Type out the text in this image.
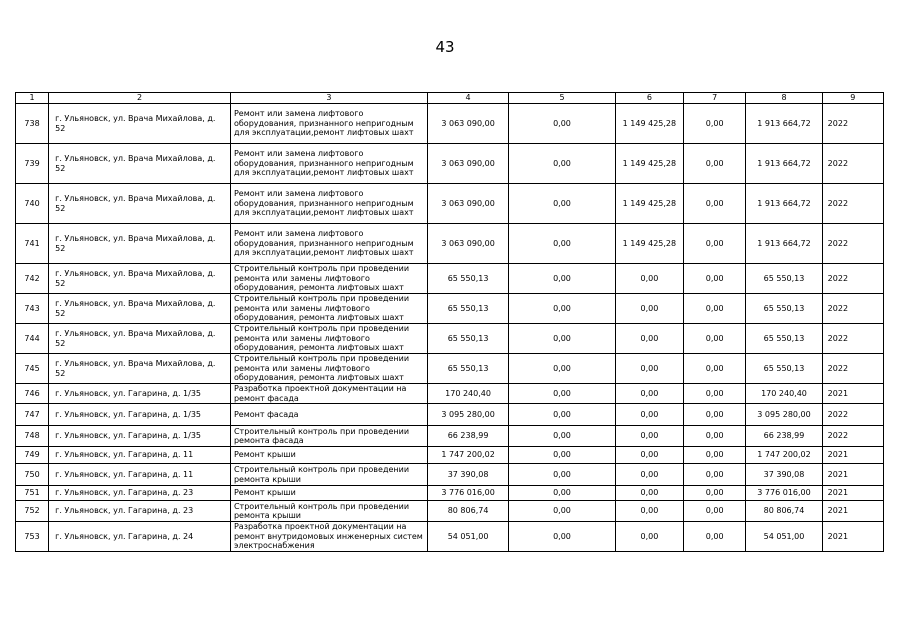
43
1	2	3	4	5	6	7	8	9
738	г. Ульяновск, ул. Врача Михайлова, д. 52	Ремонт или замена лифтового оборудования, признанного непригодным для эксплуатации,ремонт лифтовых шахт	3 063 090,00	0,00	1 149 425,28	0,00	1 913 664,72	2022
739	г. Ульяновск, ул. Врача Михайлова, д. 52	Ремонт или замена лифтового оборудования, признанного непригодным для эксплуатации,ремонт лифтовых шахт	3 063 090,00	0,00	1 149 425,28	0,00	1 913 664,72	2022
740	г. Ульяновск, ул. Врача Михайлова, д. 52	Ремонт или замена лифтового оборудования, признанного непригодным для эксплуатации,ремонт лифтовых шахт	3 063 090,00	0,00	1 149 425,28	0,00	1 913 664,72	2022
741	г. Ульяновск, ул. Врача Михайлова, д. 52	Ремонт или замена лифтового оборудования, признанного непригодным для эксплуатации,ремонт лифтовых шахт	3 063 090,00	0,00	1 149 425,28	0,00	1 913 664,72	2022
742	г. Ульяновск, ул. Врача Михайлова, д. 52	Строительный контроль при проведении ремонта или замены лифтового оборудования, ремонта лифтовых шахт	65 550,13	0,00	0,00	0,00	65 550,13	2022
743	г. Ульяновск, ул. Врача Михайлова, д. 52	Строительный контроль при проведении ремонта или замены лифтового оборудования, ремонта лифтовых шахт	65 550,13	0,00	0,00	0,00	65 550,13	2022
744	г. Ульяновск, ул. Врача Михайлова, д. 52	Строительный контроль при проведении ремонта или замены лифтового оборудования, ремонта лифтовых шахт	65 550,13	0,00	0,00	0,00	65 550,13	2022
745	г. Ульяновск, ул. Врача Михайлова, д. 52	Строительный контроль при проведении ремонта или замены лифтового оборудования, ремонта лифтовых шахт	65 550,13	0,00	0,00	0,00	65 550,13	2022
746	г. Ульяновск, ул. Гагарина, д. 1/35	Разработка проектной документации на ремонт фасада	170 240,40	0,00	0,00	0,00	170 240,40	2021
747	г. Ульяновск, ул. Гагарина, д. 1/35	Ремонт фасада	3 095 280,00	0,00	0,00	0,00	3 095 280,00	2022
748	г. Ульяновск, ул. Гагарина, д. 1/35	Строительный контроль при проведении ремонта фасада	66 238,99	0,00	0,00	0,00	66 238,99	2022
749	г. Ульяновск, ул. Гагарина, д. 11	Ремонт крыши	1 747 200,02	0,00	0,00	0,00	1 747 200,02	2021
750	г. Ульяновск, ул. Гагарина, д. 11	Строительный контроль при проведении ремонта крыши	37 390,08	0,00	0,00	0,00	37 390,08	2021
751	г. Ульяновск, ул. Гагарина, д. 23	Ремонт крыши	3 776 016,00	0,00	0,00	0,00	3 776 016,00	2021
752	г. Ульяновск, ул. Гагарина, д. 23	Строительный контроль при проведении ремонта крыши	80 806,74	0,00	0,00	0,00	80 806,74	2021
753	г. Ульяновск, ул. Гагарина, д. 24	Разработка проектной документации на ремонт внутридомовых инженерных систем электроснабжения	54 051,00	0,00	0,00	0,00	54 051,00	2021
